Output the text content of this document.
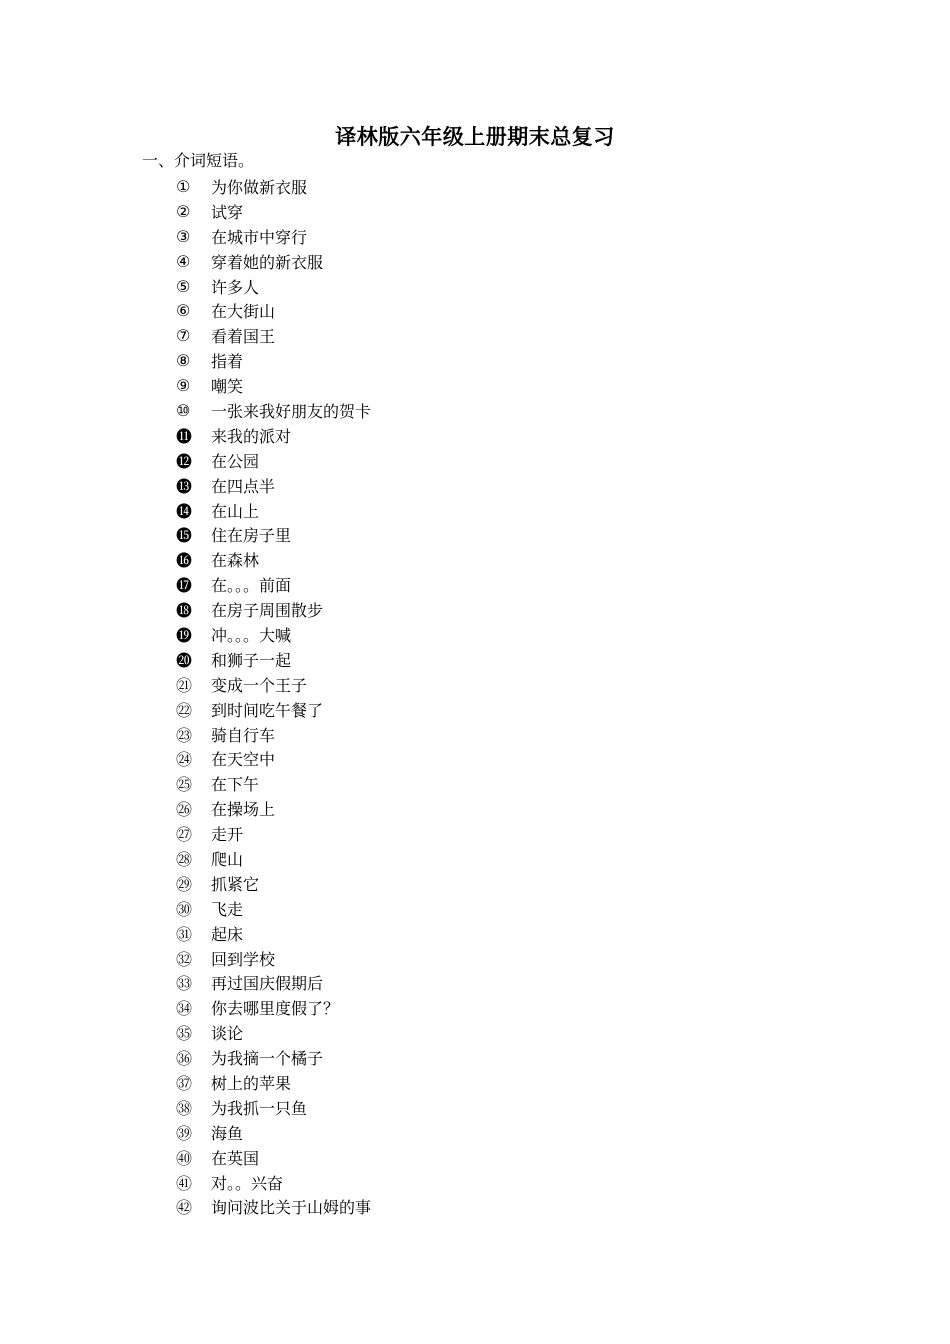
译林版六年级上册期末总复习
一、介词短语。
①	为你做新衣服
②	试穿
③	在城市中穿行
④	穿着她的新衣服
⑤	许多人
⑥	在大街山
⑦	看着国王
⑧	指着
⑨	嘲笑
⑩	一张来我好朋友的贺卡
⓫	来我的派对
⓬	在公园
⓭	在四点半
⓮	在山上
⓯	住在房子里
⓰	在森林
⓱	在。。。前面
⓲	在房子周围散步
⓳	冲。。。大喊
⓴	和狮子一起
㉑	变成一个王子
㉒	到时间吃午餐了
㉓	骑自行车
㉔	在天空中
㉕	在下午
㉖	在操场上
㉗	走开
㉘	爬山
㉙	抓紧它
㉚	飞走
㉛	起床
㉜	回到学校
㉝	再过国庆假期后
㉞	你去哪里度假了？
㉟	谈论
㊱	为我摘一个橘子
㊲	树上的苹果
㊳	为我抓一只鱼
㊴	海鱼
㊵	在英国
㊶	对。。兴奋
㊷	询问波比关于山姆的事
